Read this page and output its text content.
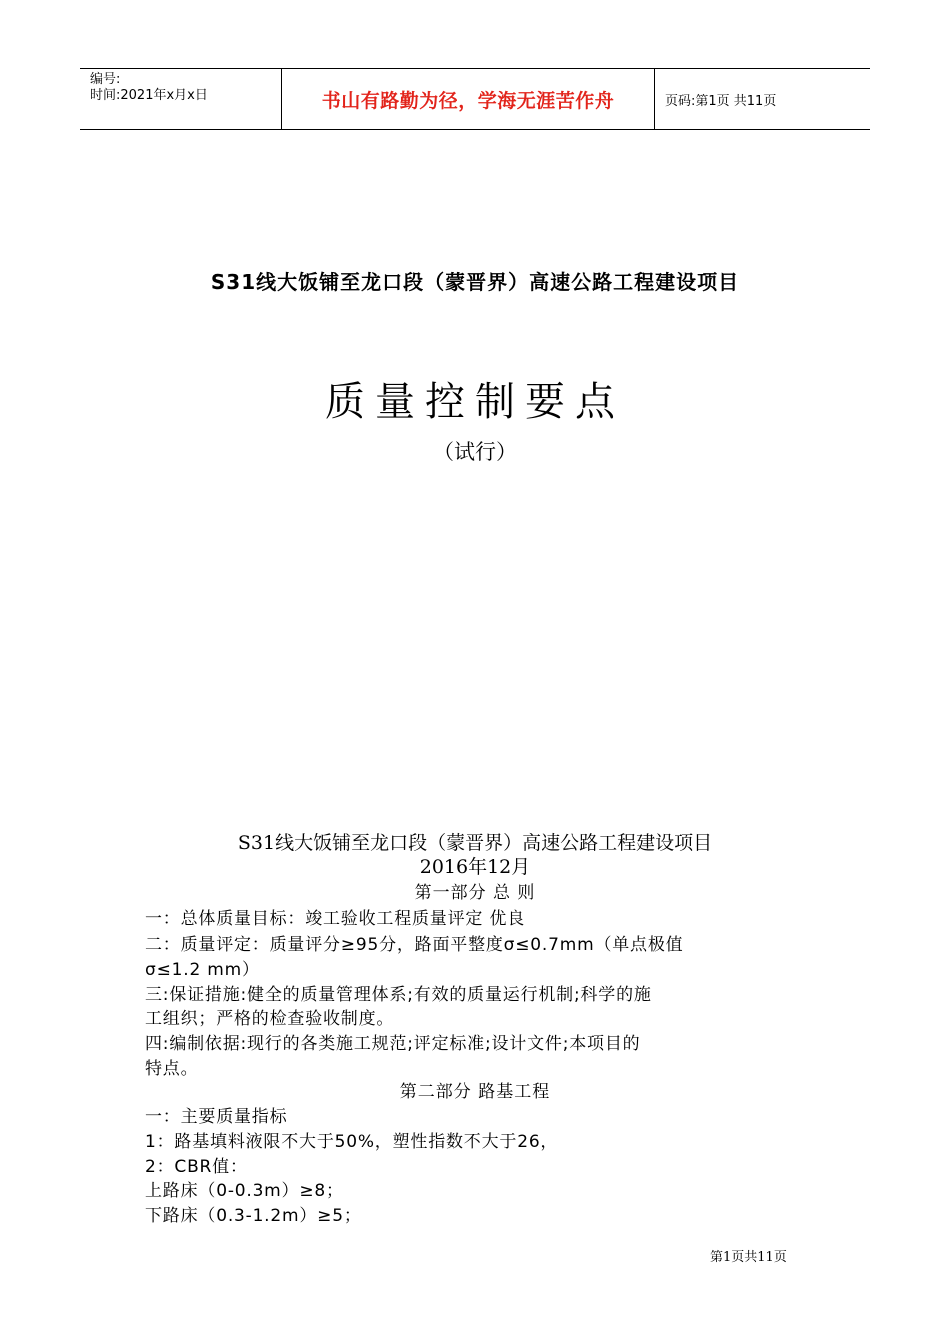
编号:
时间:2021年x月x日	书山有路勤为径，学海无涯苦作舟	页码:第1页 共11页
S31线大饭铺至龙口段（蒙晋界）高速公路工程建设项目
质量控制要点
（试行）
S31线大饭铺至龙口段（蒙晋界）高速公路工程建设项目
2016年12月
第一部分 总 则
一：总体质量目标：竣工验收工程质量评定 优良
二：质量评定：质量评分≥95分，路面平整度σ≤0.7mm（单点极值
σ≤1.2 mm）
三:保证措施:健全的质量管理体系;有效的质量运行机制;科学的施
工组织；严格的检查验收制度。
四:编制依据:现行的各类施工规范;评定标准;设计文件;本项目的
特点。
第二部分 路基工程
一：主要质量指标
1：路基填料液限不大于50%，塑性指数不大于26，
2：CBR值：
上路床（0-0.3m）≥8；
下路床（0.3-1.2m）≥5；
第1页共11页
